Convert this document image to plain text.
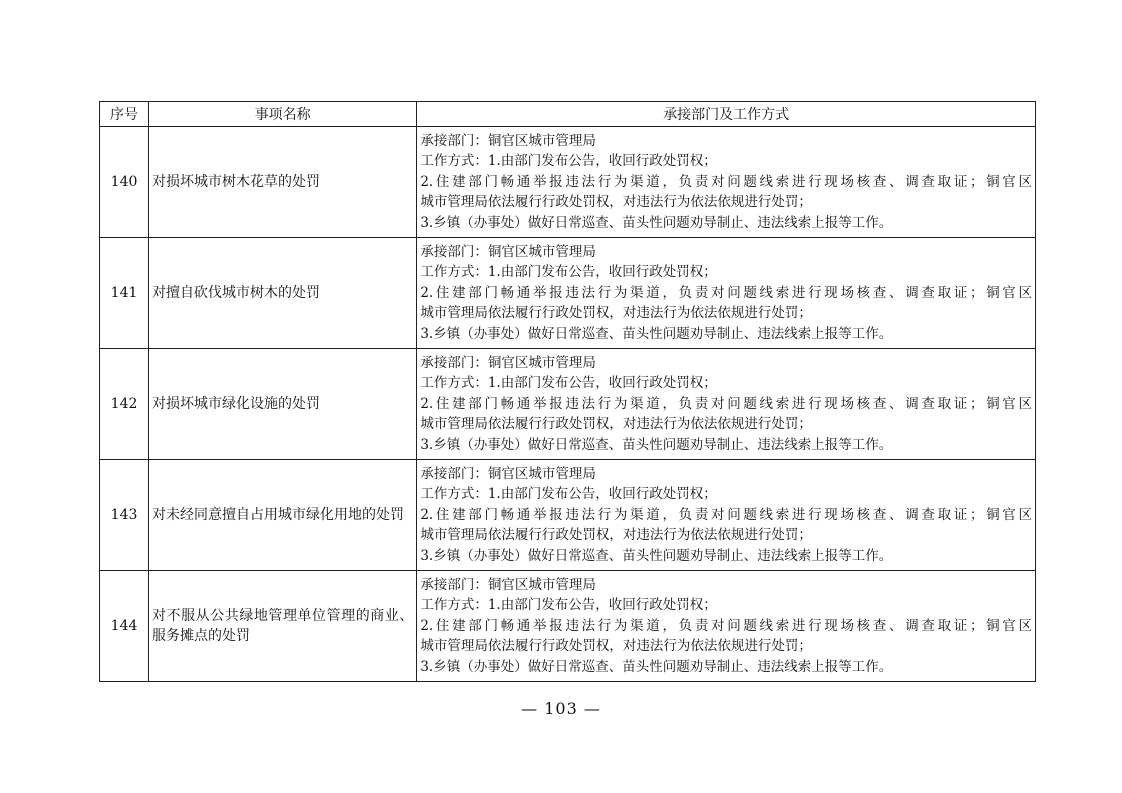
序号	事项名称	承接部门及工作方式
140	对损坏城市树木花草的处罚	承接部门：铜官区城市管理局
工作方式：1.由部门发布公告，收回行政处罚权；
2.住建部门畅通举报违法行为渠道，负责对问题线索进行现场核查、调查取证；铜官区
城市管理局依法履行行政处罚权，对违法行为依法依规进行处罚；
3.乡镇（办事处）做好日常巡查、苗头性问题劝导制止、违法线索上报等工作。

141	对擅自砍伐城市树木的处罚	承接部门：铜官区城市管理局
工作方式：1.由部门发布公告，收回行政处罚权；
2.住建部门畅通举报违法行为渠道，负责对问题线索进行现场核查、调查取证；铜官区
城市管理局依法履行行政处罚权，对违法行为依法依规进行处罚；
3.乡镇（办事处）做好日常巡查、苗头性问题劝导制止、违法线索上报等工作。

142	对损坏城市绿化设施的处罚	承接部门：铜官区城市管理局
工作方式：1.由部门发布公告，收回行政处罚权；
2.住建部门畅通举报违法行为渠道，负责对问题线索进行现场核查、调查取证；铜官区
城市管理局依法履行行政处罚权，对违法行为依法依规进行处罚；
3.乡镇（办事处）做好日常巡查、苗头性问题劝导制止、违法线索上报等工作。

143	对未经同意擅自占用城市绿化用地的处罚	承接部门：铜官区城市管理局
工作方式：1.由部门发布公告，收回行政处罚权；
2.住建部门畅通举报违法行为渠道，负责对问题线索进行现场核查、调查取证；铜官区
城市管理局依法履行行政处罚权，对违法行为依法依规进行处罚；
3.乡镇（办事处）做好日常巡查、苗头性问题劝导制止、违法线索上报等工作。

144	对不服从公共绿地管理单位管理的商业、服务摊点的处罚	承接部门：铜官区城市管理局
工作方式：1.由部门发布公告，收回行政处罚权；
2.住建部门畅通举报违法行为渠道，负责对问题线索进行现场核查、调查取证；铜官区
城市管理局依法履行行政处罚权，对违法行为依法依规进行处罚；
3.乡镇（办事处）做好日常巡查、苗头性问题劝导制止、违法线索上报等工作。
— 103 —
